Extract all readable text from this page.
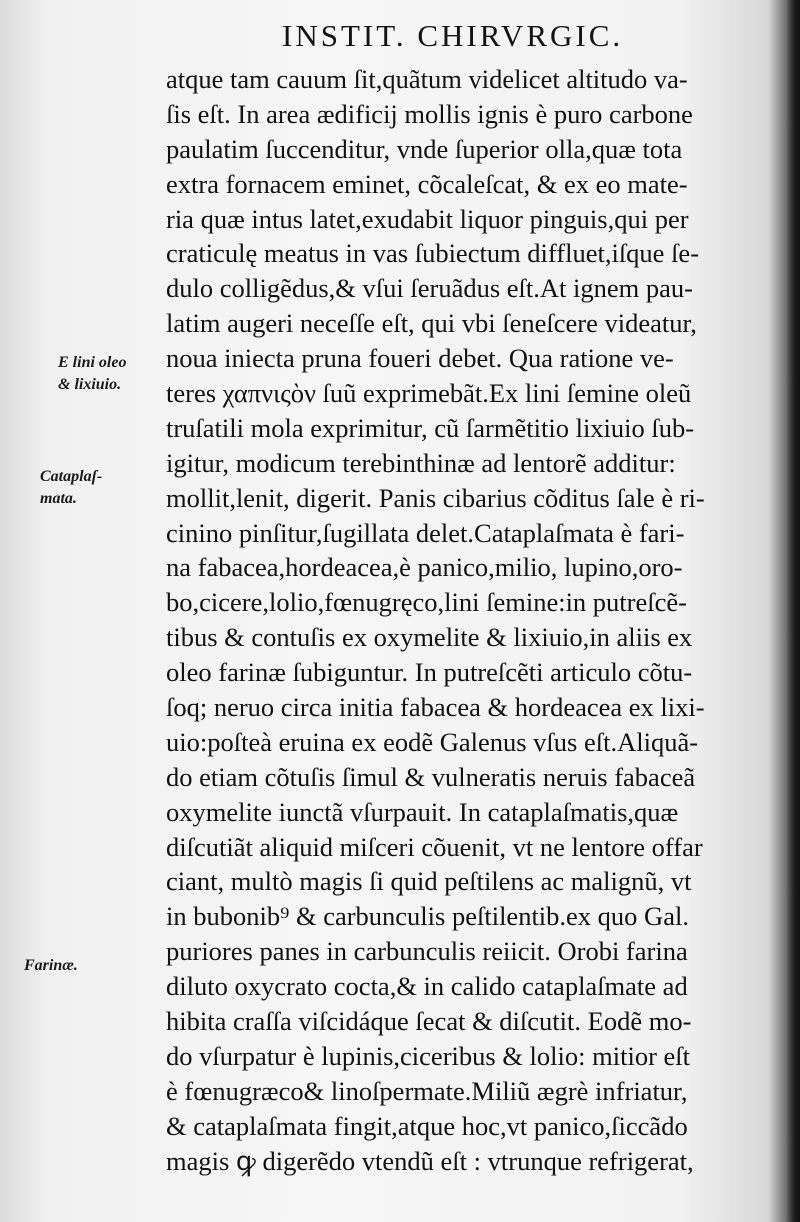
INSTIT. CHIRVRGIC.
E lini oleo
& lixiuio.
Cataplaſ-
mata.
Farinæ.
atque tam cauum ſit,quãtum videlicet altitudo va-
ſis eſt. In area ædificij mollis ignis è puro carbone
paulatim ſuccenditur, vnde ſuperior olla,quæ tota
extra fornacem eminet, cõcaleſcat, & ex eo mate-
ria quæ intus latet,exudabit liquor pinguis,qui per
craticulę meatus in vas ſubiectum diffluet,iſque ſe-
dulo colligẽdus,& vſui ſeruãdus eſt.At ignem pau-
latim augeri neceſſe eſt, qui vbi ſeneſcere videatur,
noua iniecta pruna foueri debet. Qua ratione ve-
teres χαπνιςὸν ſuũ exprimebãt.Ex lini ſemine oleũ
truſatili mola exprimitur, cũ ſarmẽtitio lixiuio ſub-
igitur, modicum terebinthinæ ad lentorẽ additur:
mollit,lenit, digerit. Panis cibarius cõditus ſale è ri-
cinino pinſitur,ſugillata delet.Cataplaſmata è fari-
na fabacea,hordeacea,è panico,milio, lupino,oro-
bo,cicere,lolio,fœnugręco,lini ſemine:in putreſcẽ-
tibus & contuſis ex oxymelite & lixiuio,in aliis ex
oleo farinæ ſubiguntur. In putreſcẽti articulo cõtu-
ſoq; neruo circa initia fabacea & hordeacea ex lixi-
uio:poſteà eruina ex eodẽ Galenus vſus eſt.Aliquã-
do etiam cõtuſis ſimul & vulneratis neruis fabaceã
oxymelite iunctã vſurpauit. In cataplaſmatis,quæ
diſcutiãt aliquid miſceri cõuenit, vt ne lentore offar
ciant, multò magis ſi quid peſtilens ac malignũ, vt
in bubonib⁹ & carbunculis peſtilentib.ex quo Gal.
puriores panes in carbunculis reiicit. Orobi farina
diluto oxycrato cocta,& in calido cataplaſmate ad
hibita craſſa viſcidáque ſecat & diſcutit. Eodẽ mo-
do vſurpatur è lupinis,ciceribus & lolio: mitior eſt
è fœnugræco& linoſpermate.Miliũ ægrè infriatur,
& cataplaſmata fingit,atque hoc,vt panico,ſiccãdo
magis ꝙ digerẽdo vtendũ eſt : vtrunque refrigerat,
